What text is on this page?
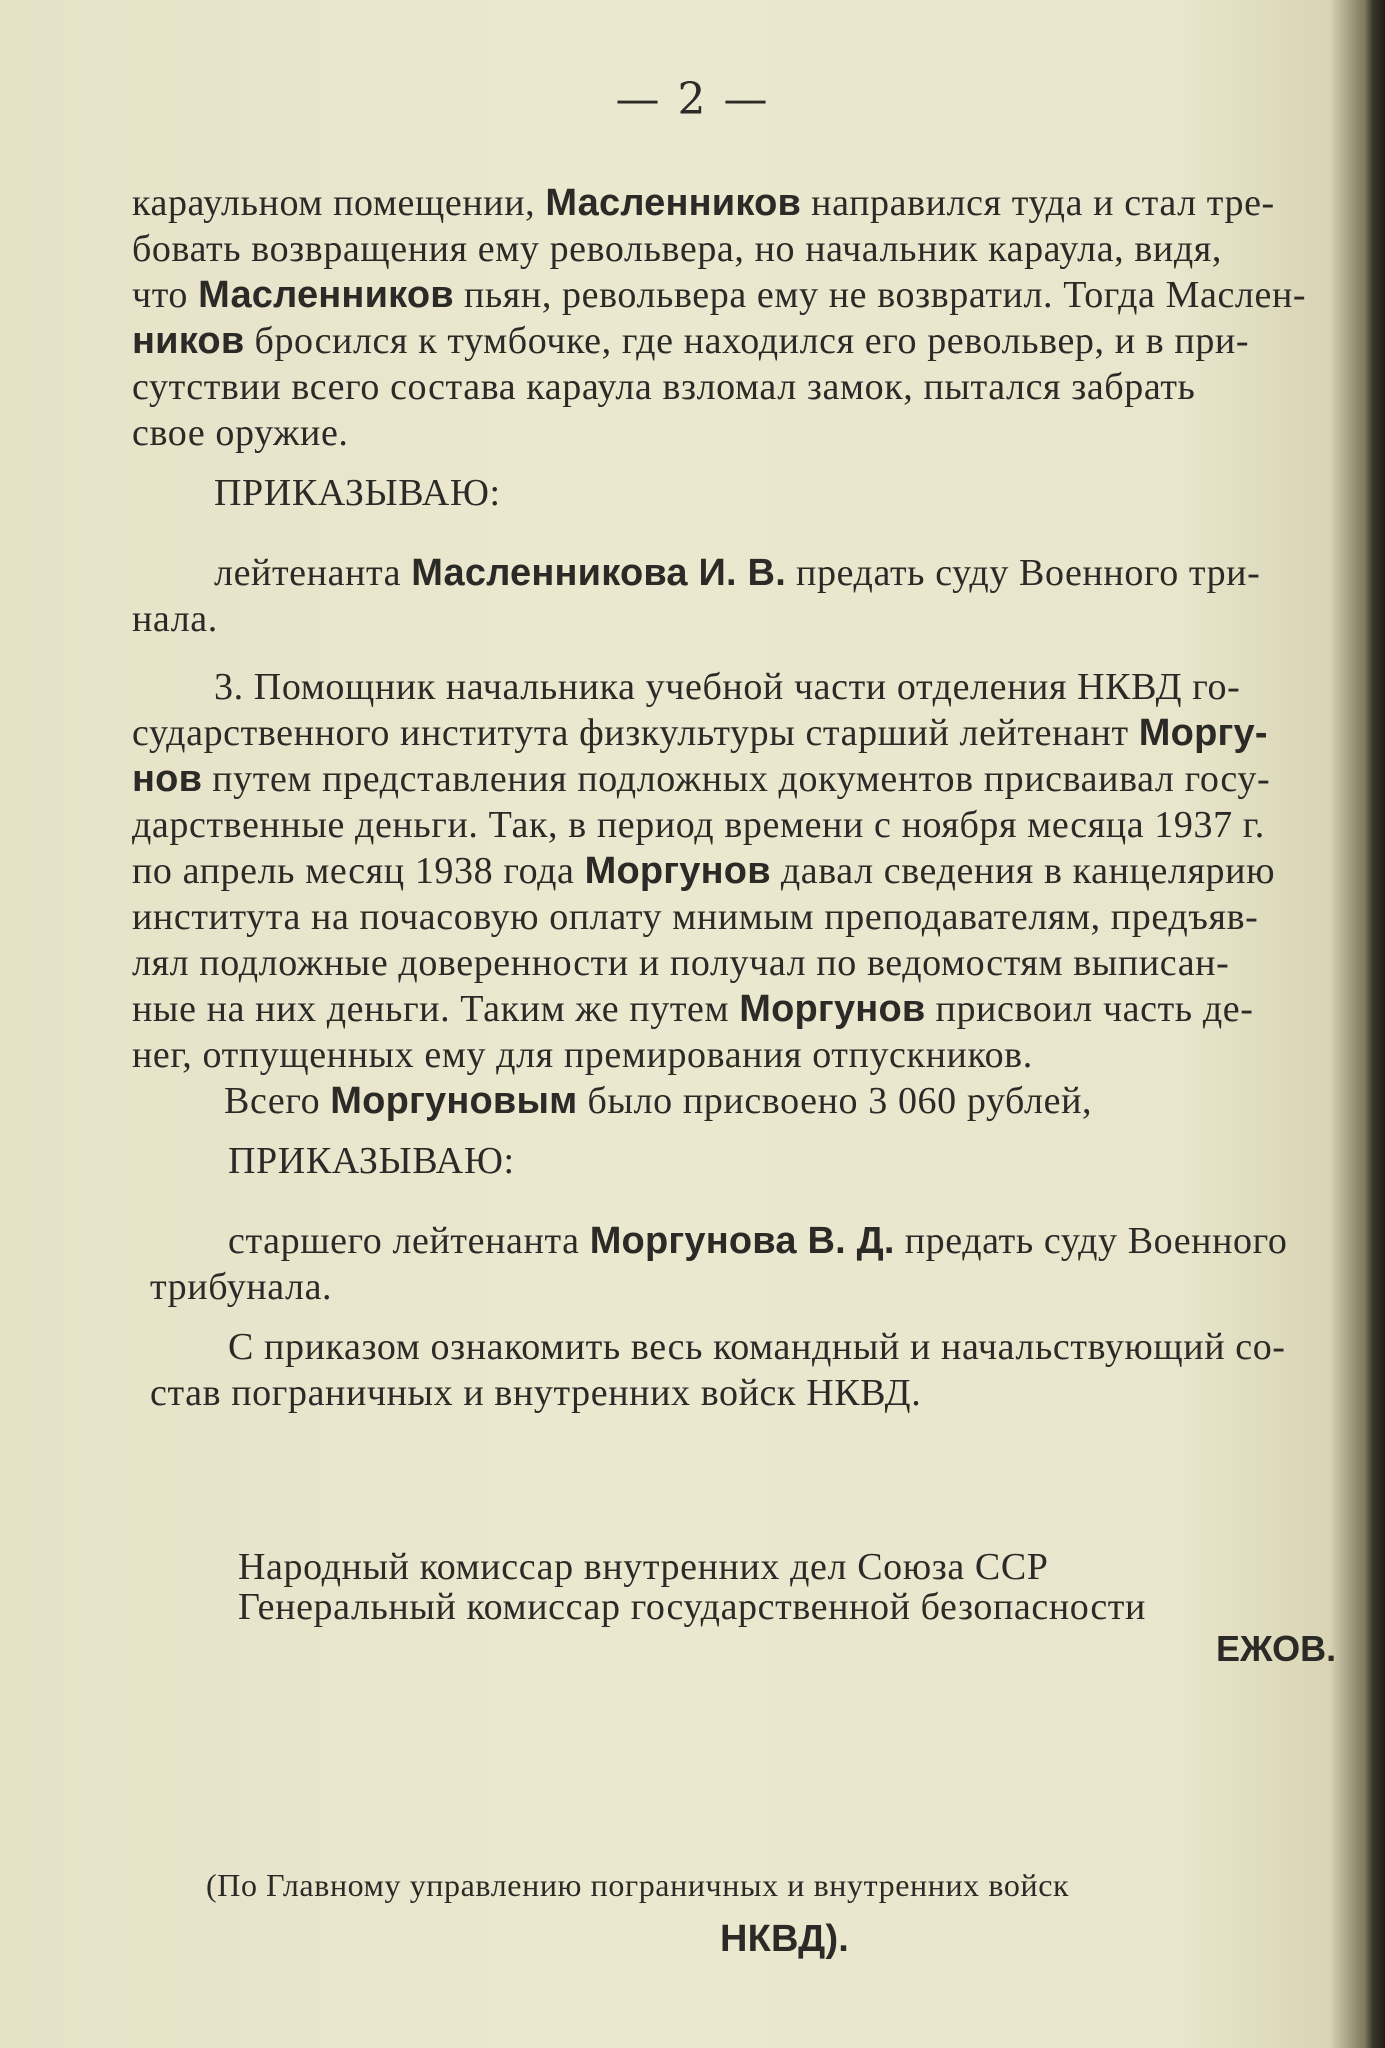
— 2 —
караульном помещении, Масленников направился туда и стал тре-
бовать возвращения ему револьвера, но начальник караула, видя,
что Масленников пьян, револьвера ему не возвратил. Тогда Маслен-
ников бросился к тумбочке, где находился его револьвер, и в при-
сутствии всего состава караула взломал замок, пытался забрать
свое оружие.
ПРИКАЗЫВАЮ:
лейтенанта Масленникова И. В. предать суду Военного три-
нала.
3. Помощник начальника учебной части отделения НКВД го-
сударственного института физкультуры старший лейтенант Моргу-
нов путем представления подложных документов присваивал госу-
дарственные деньги. Так, в период времени с ноября месяца 1937 г.
по апрель месяц 1938 года Моргунов давал сведения в канцелярию
института на почасовую оплату мнимым преподавателям, предъяв-
лял подложные доверенности и получал по ведомостям выписан-
ные на них деньги. Таким же путем Моргунов присвоил часть де-
нег, отпущенных ему для премирования отпускников.
Всего Моргуновым было присвоено 3 060 рублей,
ПРИКАЗЫВАЮ:
старшего лейтенанта Моргунова В. Д. предать суду Военного
трибунала.
С приказом ознакомить весь командный и начальствующий со-
став пограничных и внутренних войск НКВД.
Народный комиссар внутренних дел Союза ССР
Генеральный комиссар государственной безопасности
ЕЖОВ.
(По Главному управлению пограничных и внутренних войск
НКВД).
